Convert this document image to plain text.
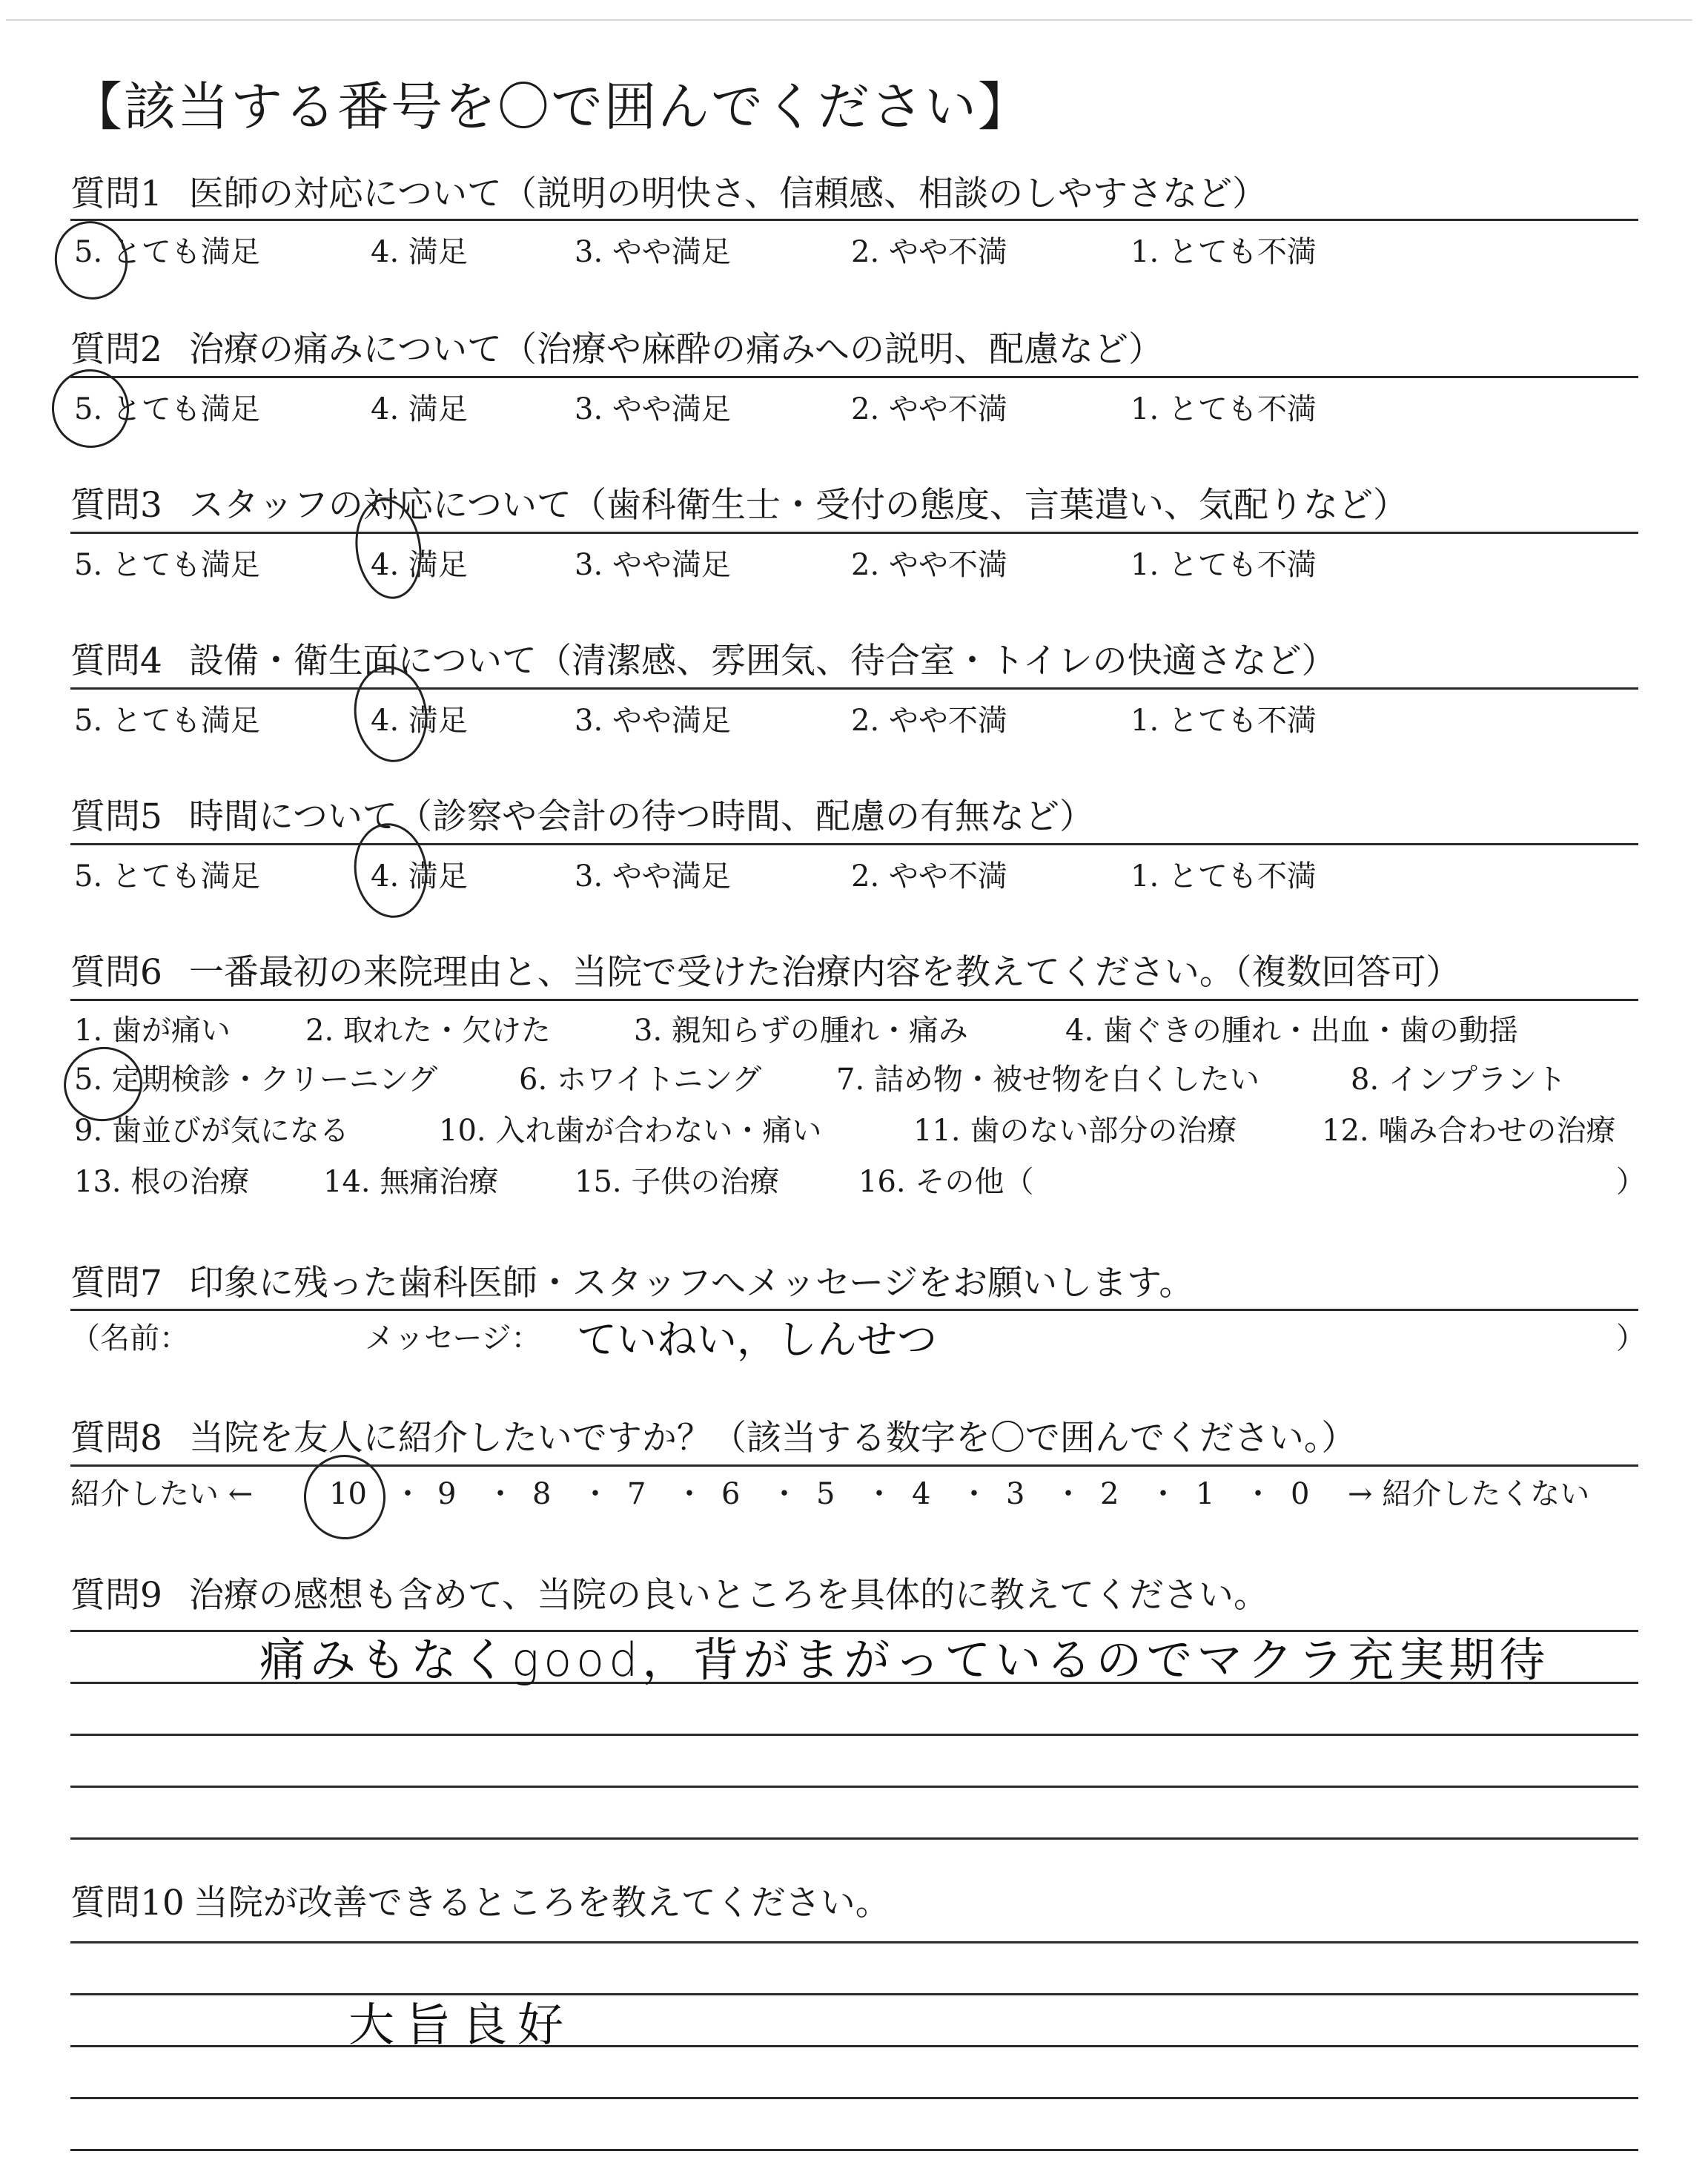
【該当する番号を〇で囲んでください】
質問1 医師の対応について（説明の明快さ、信頼感、相談のしやすさなど）
5. とても満足	4. 満足	3. やや満足	2. やや不満	1. とても不満
質問2 治療の痛みについて（治療や麻酔の痛みへの説明、配慮など）
5. とても満足	4. 満足	3. やや満足	2. やや不満	1. とても不満
質問3 スタッフの対応について（歯科衛生士・受付の態度、言葉遣い、気配りなど）
5. とても満足	4. 満足	3. やや満足	2. やや不満	1. とても不満
質問4 設備・衛生面について（清潔感、雰囲気、待合室・トイレの快適さなど）
5. とても満足	4. 満足	3. やや満足	2. やや不満	1. とても不満
質問5 時間について（診察や会計の待つ時間、配慮の有無など）
5. とても満足	4. 満足	3. やや満足	2. やや不満	1. とても不満
質問6 一番最初の来院理由と、当院で受けた治療内容を教えてください。（複数回答可）
1. 歯が痛い	2. 取れた・欠けた	3. 親知らずの腫れ・痛み	4. 歯ぐきの腫れ・出血・歯の動揺
5. 定期検診・クリーニング	6. ホワイトニング	7. 詰め物・被せ物を白くしたい	8. インプラント
9. 歯並びが気になる	10. 入れ歯が合わない・痛い	11. 歯のない部分の治療	12. 噛み合わせの治療
13. 根の治療 14. 無痛治療	15. 子供の治療	16. その他（	）
質問7 印象に残った歯科医師・スタッフへメッセージをお願いします。
（名前：	メッセージ： ていねい，しんせつ	）
質問8 当院を友人に紹介したいですか？（該当する数字を〇で囲んでください。）
紹介したい ←	10 9	8	7	6	5	4	3	2	1	0
・ ・ ・ ・ ・ ・ ・ ・ ・ ・	→ 紹介したくない
質問9 治療の感想も含めて、当院の良いところを具体的に教えてください。
痛みもなくgood，背がまがっているのでマクラ充実期待
質問10 当院が改善できるところを教えてください。
大旨良好
